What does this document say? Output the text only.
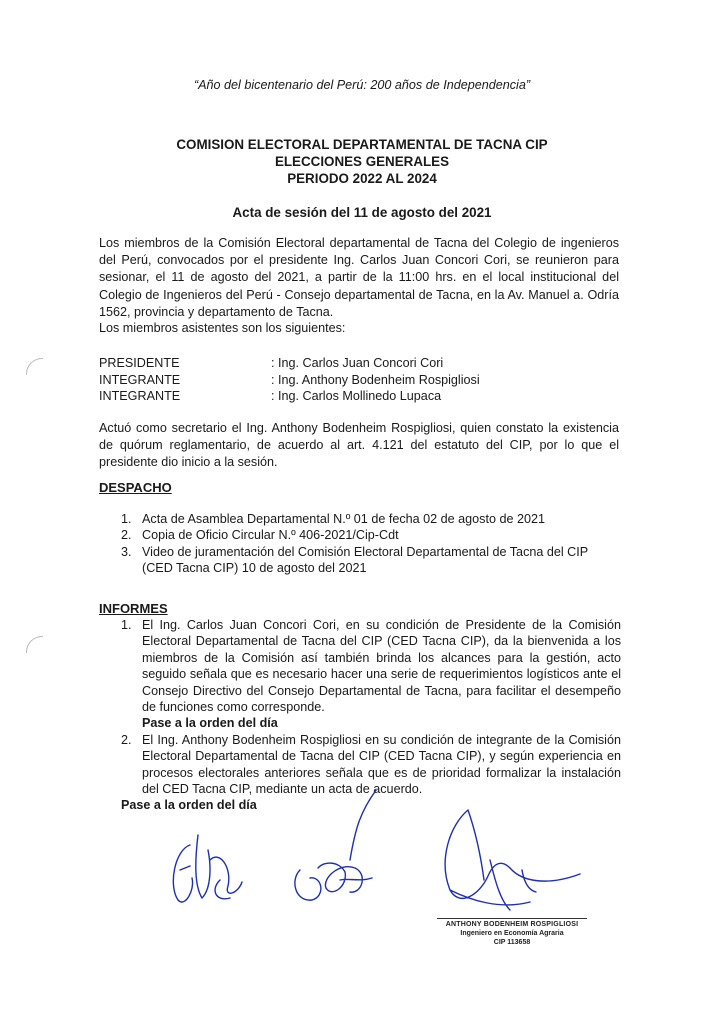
“Año del bicentenario del Perú: 200 años de Independencia”
COMISION ELECTORAL DEPARTAMENTAL DE TACNA CIP
ELECCIONES GENERALES
PERIODO 2022 AL 2024
Acta de sesión del 11 de agosto del 2021

Los miembros de la Comisión Electoral departamental de Tacna del Colegio de ingenieros del Perú, convocados por el presidente Ing. Carlos Juan Concori Cori, se reunieron para sesionar, el 11 de agosto del 2021, a partir de la 11:00 hrs. en el local institucional del Colegio de Ingenieros del Perú - Consejo departamental de Tacna, en la Av. Manuel a. Odría 1562, provincia y departamento de Tacna.

Los miembros asistentes son los siguientes:

PRESIDENTE	: Ing. Carlos Juan Concori Cori
INTEGRANTE	: Ing. Anthony Bodenheim Rospigliosi
INTEGRANTE	: Ing. Carlos Mollinedo Lupaca

Actuó como secretario el Ing. Anthony Bodenheim Rospigliosi, quien constato la existencia de quórum reglamentario, de acuerdo al art. 4.121 del estatuto del CIP, por lo que el presidente dio inicio a la sesión.

DESPACHO
1. Acta de Asamblea Departamental N.º 01 de fecha 02 de agosto de 2021
2. Copia de Oficio Circular N.º 406-2021/Cip-Cdt
3. Video de juramentación del Comisión Electoral Departamental de Tacna del CIP (CED Tacna CIP) 10 de agosto del 2021
INFORMES
1. El Ing. Carlos Juan Concori Cori, en su condición de Presidente de la Comisión Electoral Departamental de Tacna del CIP (CED Tacna CIP), da la bienvenida a los miembros de la Comisión así también brinda los alcances para la gestión, acto seguido señala que es necesario hacer una serie de requerimientos logísticos ante el Consejo Directivo del Consejo Departamental de Tacna, para facilitar el desempeño de funciones como corresponde.
Pase a la orden del día
2. El Ing. Anthony Bodenheim Rospigliosi en su condición de integrante de la Comisión Electoral Departamental de Tacna del CIP (CED Tacna CIP), y según experiencia en procesos electorales anteriores señala que es de prioridad formalizar la instalación del CED Tacna CIP, mediante un acta de acuerdo.
Pase a la orden del día
ANTHONY BODENHEIM ROSPIGLIOSI
Ingeniero en Economía Agraria
CIP 113658
